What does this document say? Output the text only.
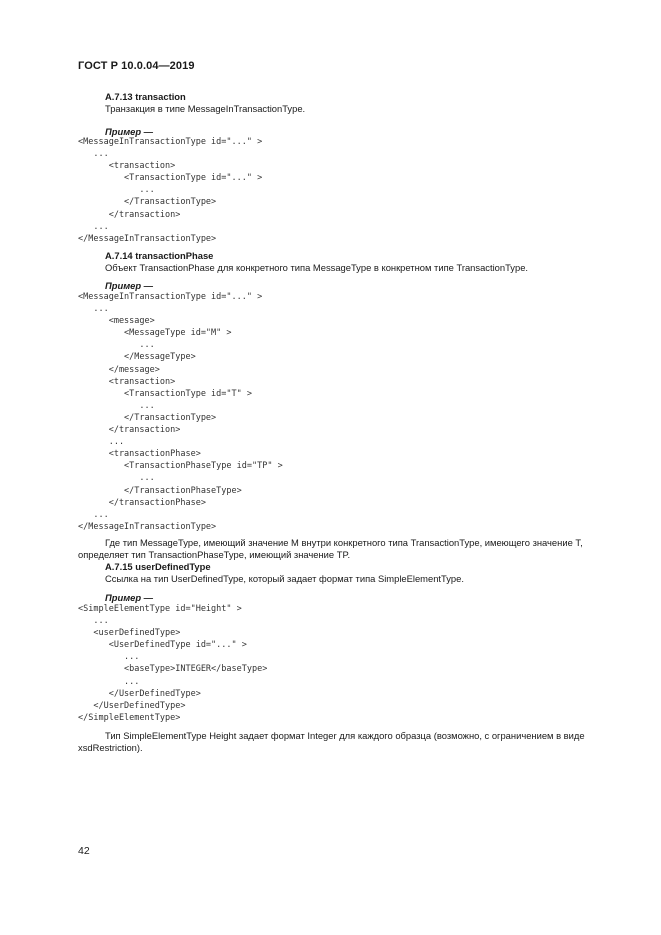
ГОСТ Р 10.0.04—2019
A.7.13 transaction
Транзакция в типе MessageInTransactionType.
Пример —
<MessageInTransactionType id="..." >
...
<transaction>
<TransactionType id="..." >
...
</TransactionType>
</transaction>
...
</MessageInTransactionType>
A.7.14 transactionPhase
Объект TransactionPhase для конкретного типа MessageType в конкретном типе TransactionType.
Пример —
<MessageInTransactionType id="..." >
...
<message>
<MessageType id="M" >
...
</MessageType>
</message>
<transaction>
<TransactionType id="T" >
...
</TransactionType>
</transaction>
...
<transactionPhase>
<TransactionPhaseType id="TP" >
...
</TransactionPhaseType>
</transactionPhase>
...
</MessageInTransactionType>
Где тип MessageType, имеющий значение M внутри конкретного типа TransactionType, имеющего значение T,
определяет тип TransactionPhaseType, имеющий значение TP.
A.7.15 userDefinedType
Ссылка на тип UserDefinedType, который задает формат типа SimpleElementType.
Пример —
<SimpleElementType id="Height" >
...
<userDefinedType>
<UserDefinedType id="..." >
...
<baseType>INTEGER</baseType>
...
</UserDefinedType>
</UserDefinedType>
</SimpleElementType>
Тип SimpleElementType Height задает формат Integer для каждого образца (возможно, с ограничением в виде
xsdRestriction).
42
